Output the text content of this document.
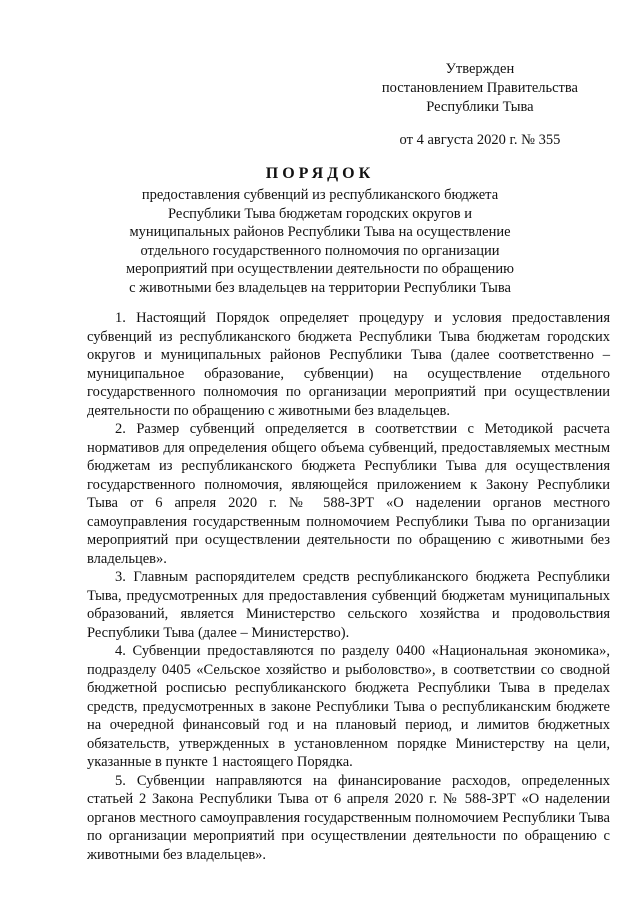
Утвержден
постановлением Правительства
Республики Тыва
от 4 августа 2020 г. № 355
ПОРЯДОК
предоставления субвенций из республиканского бюджета
Республики Тыва бюджетам городских округов и
муниципальных районов Республики Тыва на осуществление
отдельного государственного полномочия по организации
мероприятий при осуществлении деятельности по обращению
с животными без владельцев на территории Республики Тыва

1. Настоящий Порядок определяет процедуру и условия предоставления субвенций из республиканского бюджета Республики Тыва бюджетам городских округов и муниципальных районов Республики Тыва (далее соответственно – муниципальное образование, субвенции) на осуществление отдельного государственного полномочия по организации мероприятий при осуществлении деятельности по обращению с животными без владельцев.

2. Размер субвенций определяется в соответствии с Методикой расчета нормативов для определения общего объема субвенций, предоставляемых местным бюджетам из республиканского бюджета Республики Тыва для осуществления государственного полномочия, являющейся приложением к Закону Республики Тыва от 6 апреля 2020 г. № 588-ЗРТ «О наделении органов местного самоуправления государственным полномочием Республики Тыва по организации мероприятий при осуществлении деятельности по обращению с животными без владельцев».

3. Главным распорядителем средств республиканского бюджета Республики Тыва, предусмотренных для предоставления субвенций бюджетам муниципальных образований, является Министерство сельского хозяйства и продовольствия Республики Тыва (далее – Министерство).

4. Субвенции предоставляются по разделу 0400 «Национальная экономика», подразделу 0405 «Сельское хозяйство и рыболовство», в соответствии со сводной бюджетной росписью республиканского бюджета Республики Тыва в пределах средств, предусмотренных в законе Республики Тыва о республиканским бюджете на очередной финансовый год и на плановый период, и лимитов бюджетных обязательств, утвержденных в установленном порядке Министерству на цели, указанные в пункте 1 настоящего Порядка.

5. Субвенции направляются на финансирование расходов, определенных статьей 2 Закона Республики Тыва от 6 апреля 2020 г. № 588-ЗРТ «О наделении органов местного самоуправления государственным полномочием Республики Тыва по организации мероприятий при осуществлении деятельности по обращению с животными без владельцев».
